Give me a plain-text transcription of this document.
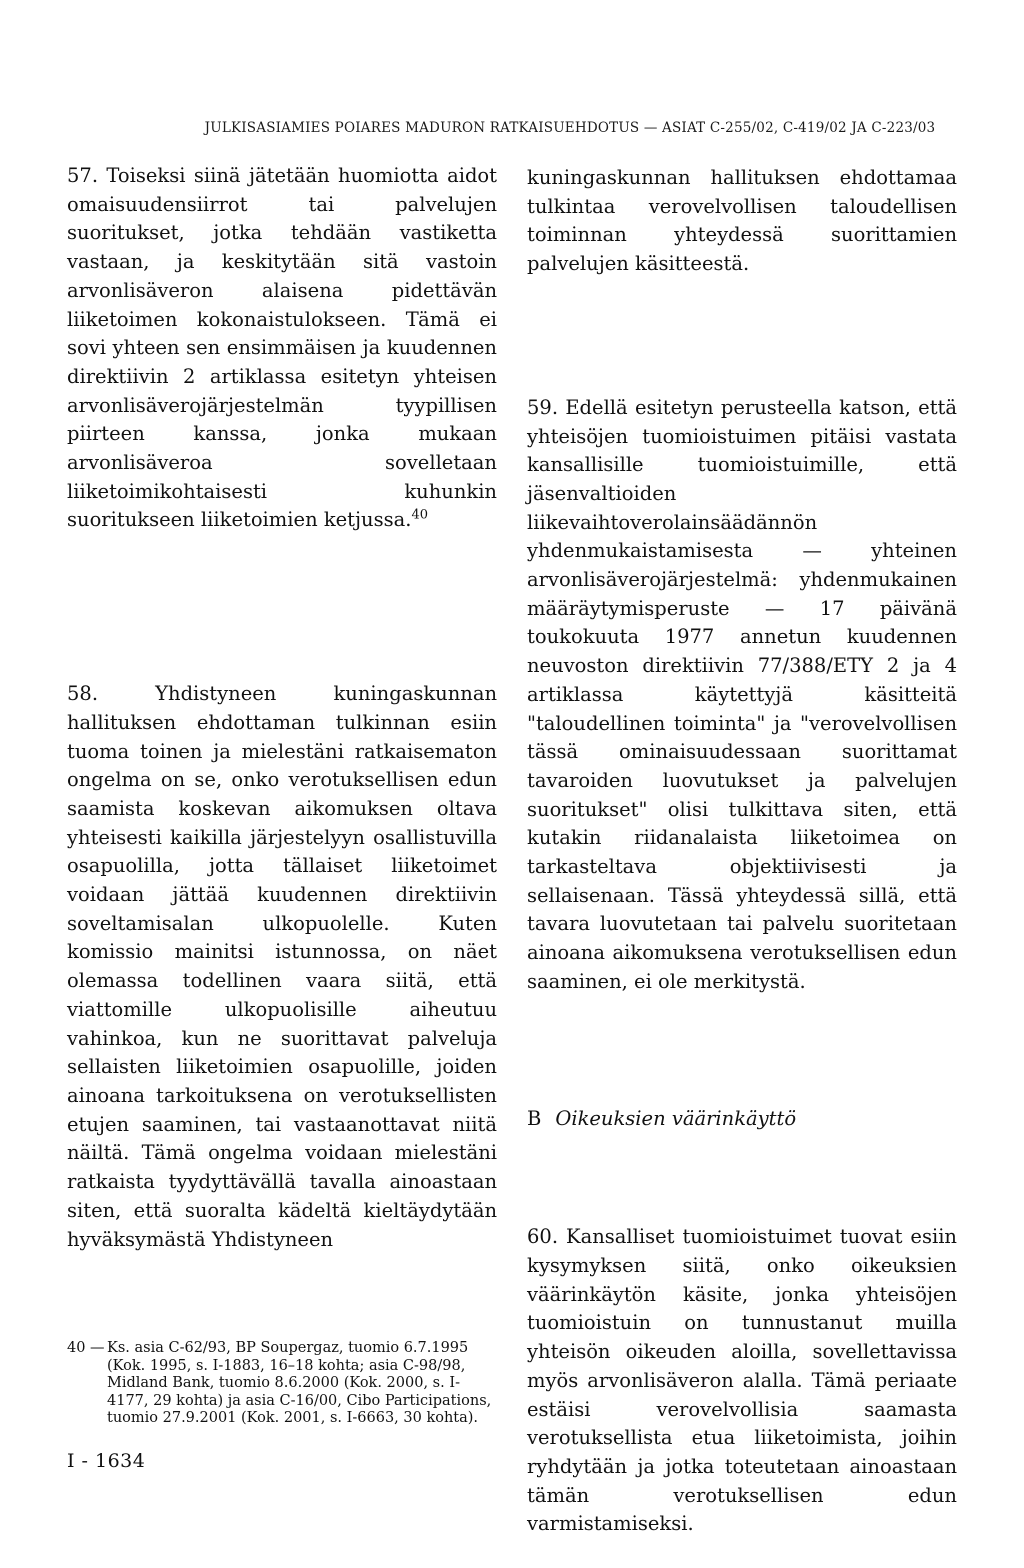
JULKISASIAMIES POIARES MADURON RATKAISUEHDOTUS — ASIAT C-255/02, C-419/02 JA C-223/03

57. Toiseksi siinä jätetään huomiotta aidot omaisuudensiirrot tai palvelujen suoritukset, jotka tehdään vastiketta vastaan, ja keskitytään sitä vastoin arvonlisäveron alaisena pidettävän liiketoimen kokonaistulokseen. Tämä ei sovi yhteen sen ensimmäisen ja kuudennen direktiivin 2 artiklassa esitetyn yhteisen arvonlisäverojärjestelmän tyypillisen piirteen kanssa, jonka mukaan arvonlisäveroa sovelletaan liiketoimikohtaisesti kuhunkin suoritukseen liiketoimien ketjussa.$^{40}$

58. Yhdistyneen kuningaskunnan hallituksen ehdottaman tulkinnan esiin tuoma toinen ja mielestäni ratkaisematon ongelma on se, onko verotuksellisen edun saamista koskevan aikomuksen oltava yhteisesti kaikilla järjestelyyn osallistuvilla osapuolilla, jotta tällaiset liiketoimet voidaan jättää kuudennen direktiivin soveltamisalan ulkopuolelle. Kuten komissio mainitsi istunnossa, on näet olemassa todellinen vaara siitä, että viattomille ulkopuolisille aiheutuu vahinkoa, kun ne suorittavat palveluja sellaisten liiketoimien osapuolille, joiden ainoana tarkoituksena on verotuksellisten etujen saaminen, tai vastaanottavat niitä näiltä. Tämä ongelma voidaan mielestäni ratkaista tyydyttävällä tavalla ainoastaan siten, että suoralta kädeltä kieltäydytään hyväksymästä Yhdistyneen

40 — Ks. asia C-62/93, BP Soupergaz, tuomio 6.7.1995 (Kok. 1995, s. I-1883, 16–18 kohta; asia C-98/98, Midland Bank, tuomio 8.6.2000 (Kok. 2000, s. I-4177, 29 kohta) ja asia C-16/00, Cibo Participations, tuomio 27.9.2001 (Kok. 2001, s. I-6663, 30 kohta).
I - 1634

kuningaskunnan hallituksen ehdottamaa tulkintaa verovelvollisen taloudellisen toiminnan yhteydessä suorittamien palvelujen käsitteestä.

59. Edellä esitetyn perusteella katson, että yhteisöjen tuomioistuimen pitäisi vastata kansallisille tuomioistuimille, että jäsenvaltioiden liikevaihtoverolainsäädännön yhdenmukaistamisesta — yhteinen arvonlisäverojärjestelmä: yhdenmukainen määräytymisperuste — 17 päivänä toukokuuta 1977 annetun kuudennen neuvoston direktiivin 77/388/ETY 2 ja 4 artiklassa käytettyjä käsitteitä "taloudellinen toiminta" ja "verovelvollisen tässä ominaisuudessaan suorittamat tavaroiden luovutukset ja palvelujen suoritukset" olisi tulkittava siten, että kutakin riidanalaista liiketoimea on tarkasteltava objektiivisesti ja sellaisenaan. Tässä yhteydessä sillä, että tavara luovutetaan tai palvelu suoritetaan ainoana aikomuksena verotuksellisen edun saaminen, ei ole merkitystä.

B Oikeuksien väärinkäyttö

60. Kansalliset tuomioistuimet tuovat esiin kysymyksen siitä, onko oikeuksien väärinkäytön käsite, jonka yhteisöjen tuomioistuin on tunnustanut muilla yhteisön oikeuden aloilla, sovellettavissa myös arvonlisäveron alalla. Tämä periaate estäisi verovelvollisia saamasta verotuksellista etua liiketoimista, joihin ryhdytään ja jotka toteutetaan ainoastaan tämän verotuksellisen edun varmistamiseksi.
